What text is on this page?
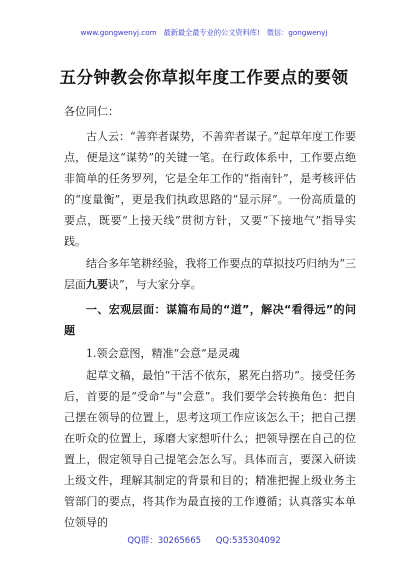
www.gongwenyj.com 最新最全最专业的公文资料库! 微信：gongwenyj
五分钟教会你草拟年度工作要点的要领

各位同仁：

古人云：“善弈者谋势，不善弈者谋子。”起草年度工作要点，便是这“谋势”的关键一笔。在行政体系中，工作要点绝非简单的任务罗列，它是全年工作的“指南针”，是考核评估的“度量衡”，更是我们执政思路的“显示屏”。一份高质量的要点，既要“上接天线”贯彻方针，又要“下接地气”指导实践。

结合多年笔耕经验，我将工作要点的草拟技巧归纳为“三层面九要诀”，与大家分享。

一、宏观层面：谋篇布局的“道”，解决“看得远”的问题

1.领会意图，精准“会意”是灵魂

起草文稿，最怕“干活不依东，累死白搭功”。接受任务后，首要的是“受命”与“会意”。我们要学会转换角色：把自己摆在领导的位置上，思考这项工作应该怎么干；把自己摆在听众的位置上，琢磨大家想听什么；把领导摆在自己的位置上，假定领导自己提笔会怎么写。具体而言，要深入研读上级文件，理解其制定的背景和目的；精准把握上级业务主管部门的要点，将其作为最直接的工作遵循；认真落实本单位领导的

QQ群：30265665 QQ:535304092
